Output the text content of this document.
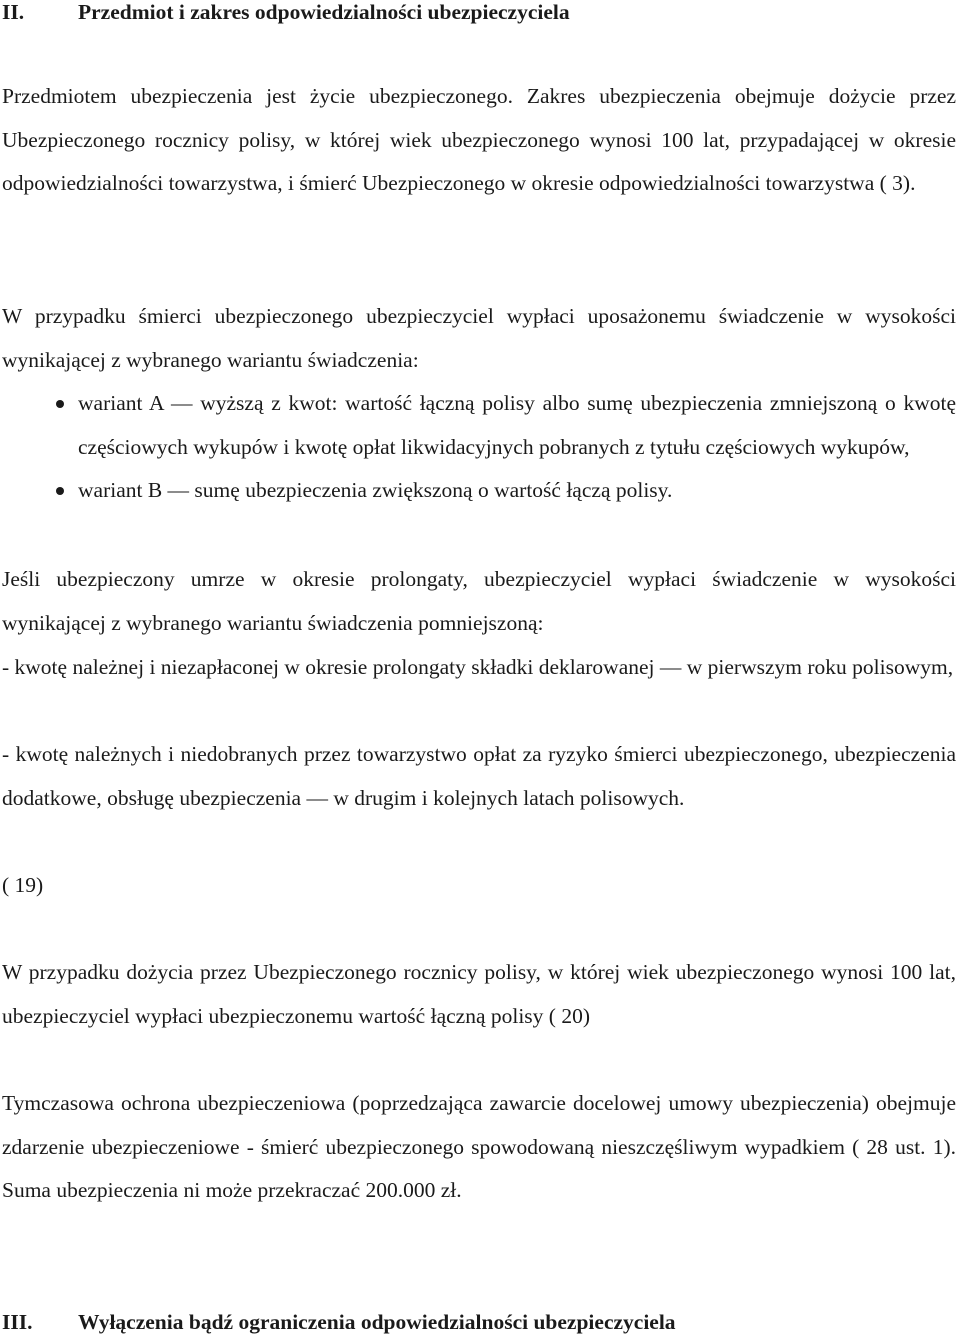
II.	Przedmiot i zakres odpowiedzialności ubezpieczyciela

Przedmiotem ubezpieczenia jest życie ubezpieczonego. Zakres ubezpieczenia obejmuje dożycie przez Ubezpieczonego rocznicy polisy, w której wiek ubezpieczonego wynosi 100 lat, przypadającej w okresie odpowiedzialności towarzystwa, i śmierć Ubezpieczonego w okresie odpowiedzialności towarzystwa ( 3).

W przypadku śmierci ubezpieczonego ubezpieczyciel wypłaci uposażonemu świadczenie w wysokości wynikającej z wybranego wariantu świadczenia:

wariant A — wyższą z kwot: wartość łączną polisy albo sumę ubezpieczenia zmniejszoną o kwotę częściowych wykupów i kwotę opłat likwidacyjnych pobranych z tytułu częściowych wykupów,
wariant B — sumę ubezpieczenia zwiększoną o wartość łączą polisy.

Jeśli ubezpieczony umrze w okresie prolongaty, ubezpieczyciel wypłaci świadczenie w wysokości wynikającej z wybranego wariantu świadczenia pomniejszoną:

- kwotę należnej i niezapłaconej w okresie prolongaty składki deklarowanej — w pierwszym roku polisowym,

- kwotę należnych i niedobranych przez towarzystwo opłat za ryzyko śmierci ubezpieczonego, ubezpieczenia dodatkowe, obsługę ubezpieczenia — w drugim i kolejnych latach polisowych.

( 19)

W przypadku dożycia przez Ubezpieczonego rocznicy polisy, w której wiek ubezpieczonego wynosi 100 lat, ubezpieczyciel wypłaci ubezpieczonemu wartość łączną polisy ( 20)

Tymczasowa ochrona ubezpieczeniowa (poprzedzająca zawarcie docelowej umowy ubezpieczenia) obejmuje zdarzenie ubezpieczeniowe - śmierć ubezpieczonego spowodowaną nieszczęśliwym wypadkiem ( 28 ust. 1). Suma ubezpieczenia ni może przekraczać 200.000 zł.

III. Wyłączenia bądź ograniczenia odpowiedzialności ubezpieczyciela
